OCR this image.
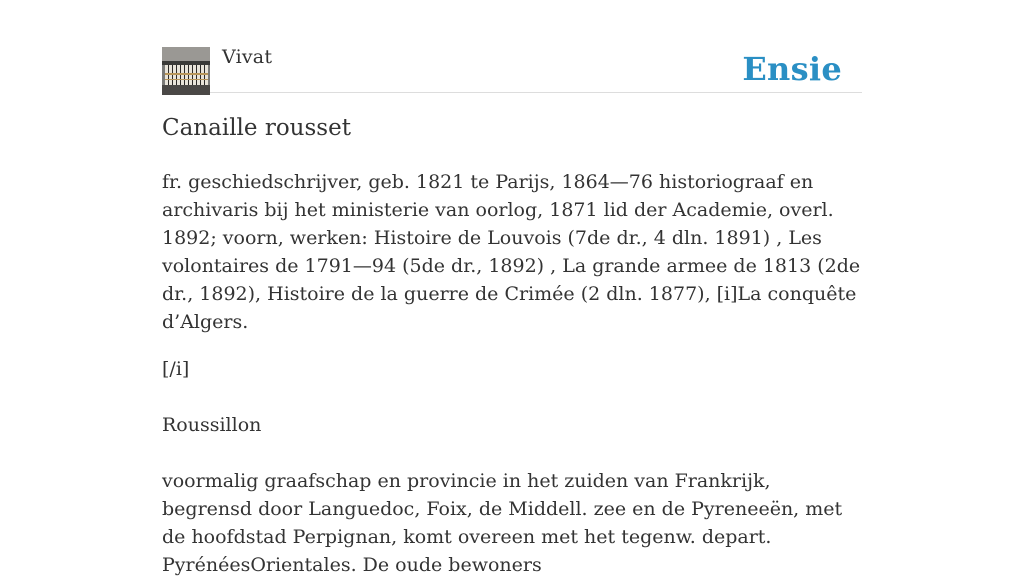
Vivat	Ensie
Canaille rousset

fr. geschiedschrijver, geb. 1821 te Parijs, 1864—76 historiograaf en archivaris bij het ministerie van oorlog, 1871 lid der Academie, overl. 1892; voorn, werken: Histoire de Louvois (7de dr., 4 dln. 1891) , Les volontaires de 1791—94 (5de dr., 1892) , La grande armee de 1813 (2de dr., 1892), Histoire de la guerre de Crimée (2 dln. 1877), [i]La conquête d’Algers.

[/i]

Roussillon

voormalig graafschap en provincie in het zuiden van Frankrijk, begrensd door Languedoc, Foix, de Middell. zee en de Pyreneeën, met de hoofdstad Perpignan, komt overeen met het tegenw. depart. PyrénéesOrientales. De oude bewoners
